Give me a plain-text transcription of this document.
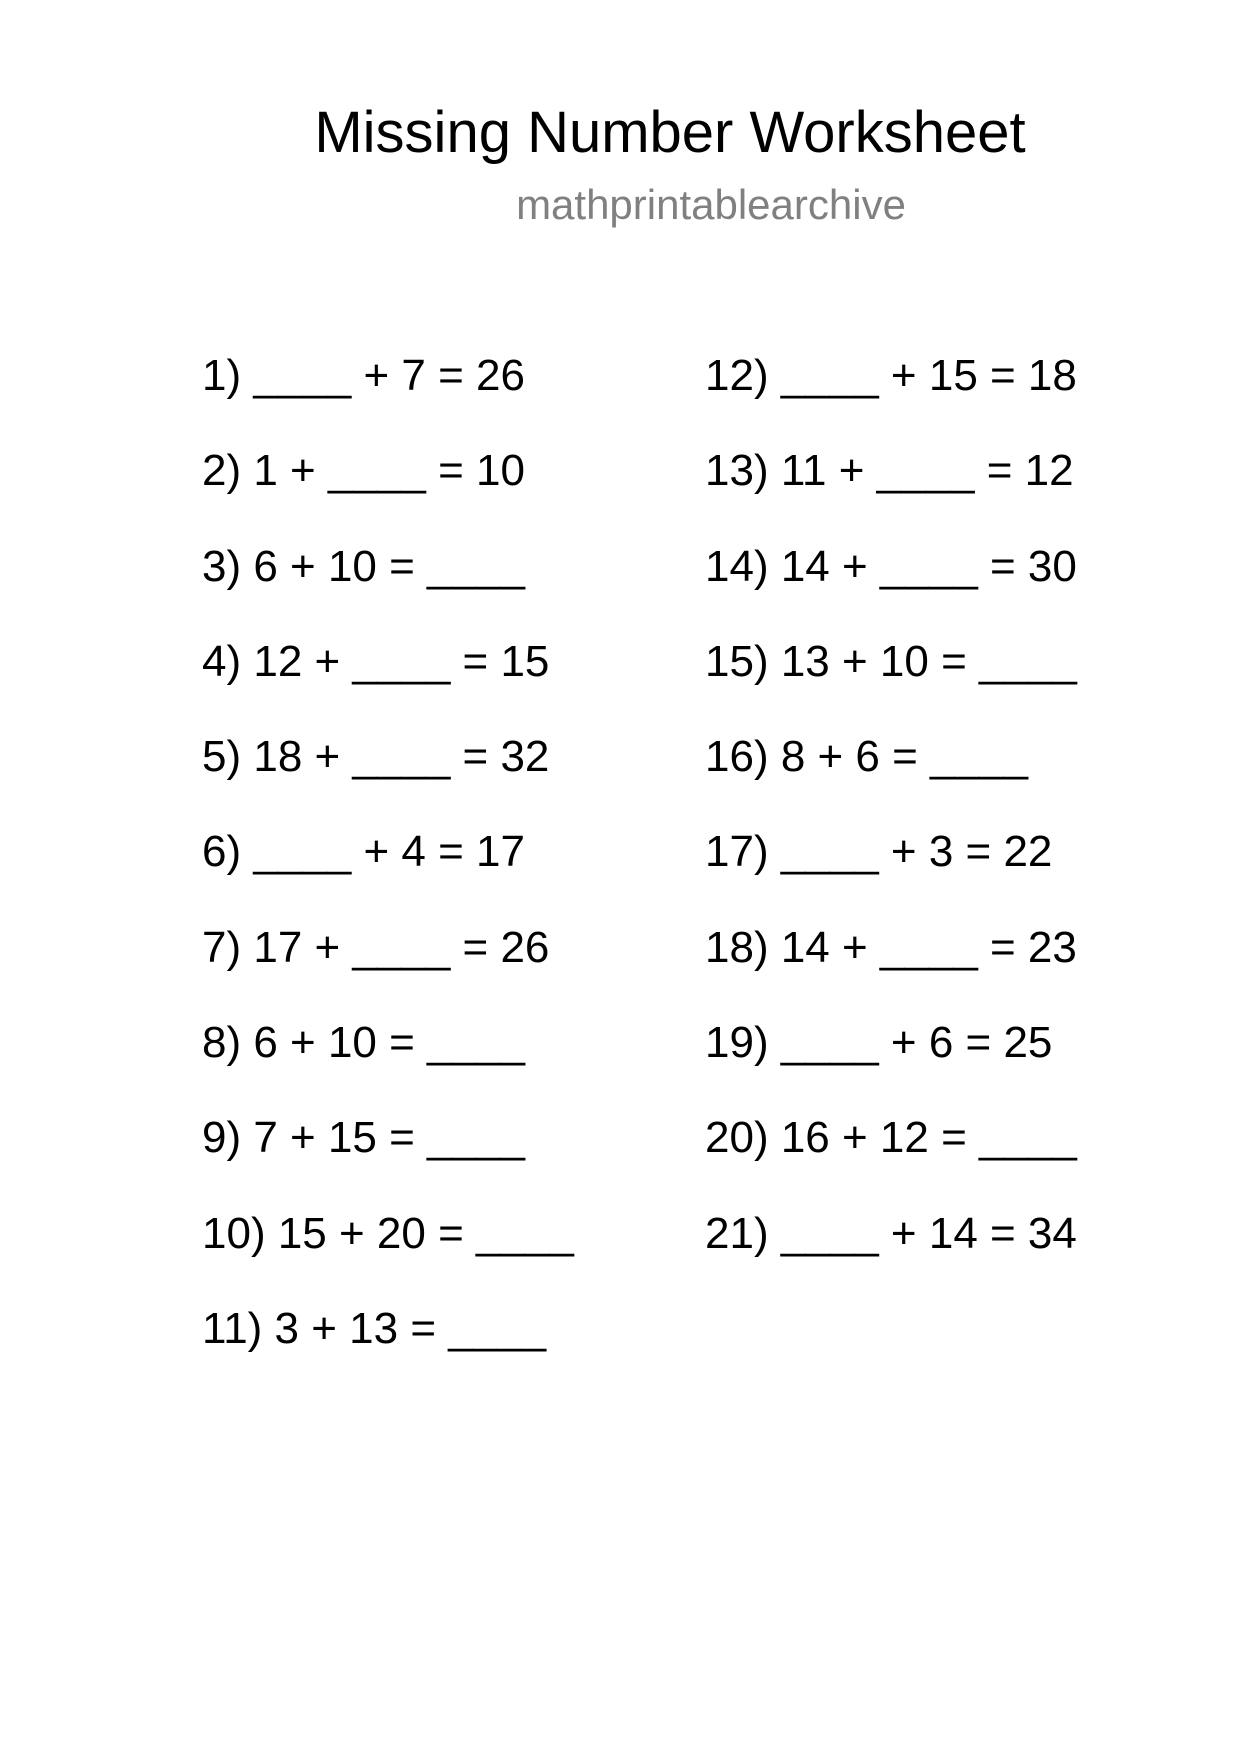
Missing Number Worksheet
mathprintablearchive
1) ____ + 7 = 26
2) 1 + ____ = 10
3) 6 + 10 = ____
4) 12 + ____ = 15
5) 18 + ____ = 32
6) ____ + 4 = 17
7) 17 + ____ = 26
8) 6 + 10 = ____
9) 7 + 15 = ____
10) 15 + 20 = ____
11) 3 + 13 = ____
12) ____ + 15 = 18
13) 11 + ____ = 12
14) 14 + ____ = 30
15) 13 + 10 = ____
16) 8 + 6 = ____
17) ____ + 3 = 22
18) 14 + ____ = 23
19) ____ + 6 = 25
20) 16 + 12 = ____
21) ____ + 14 = 34
